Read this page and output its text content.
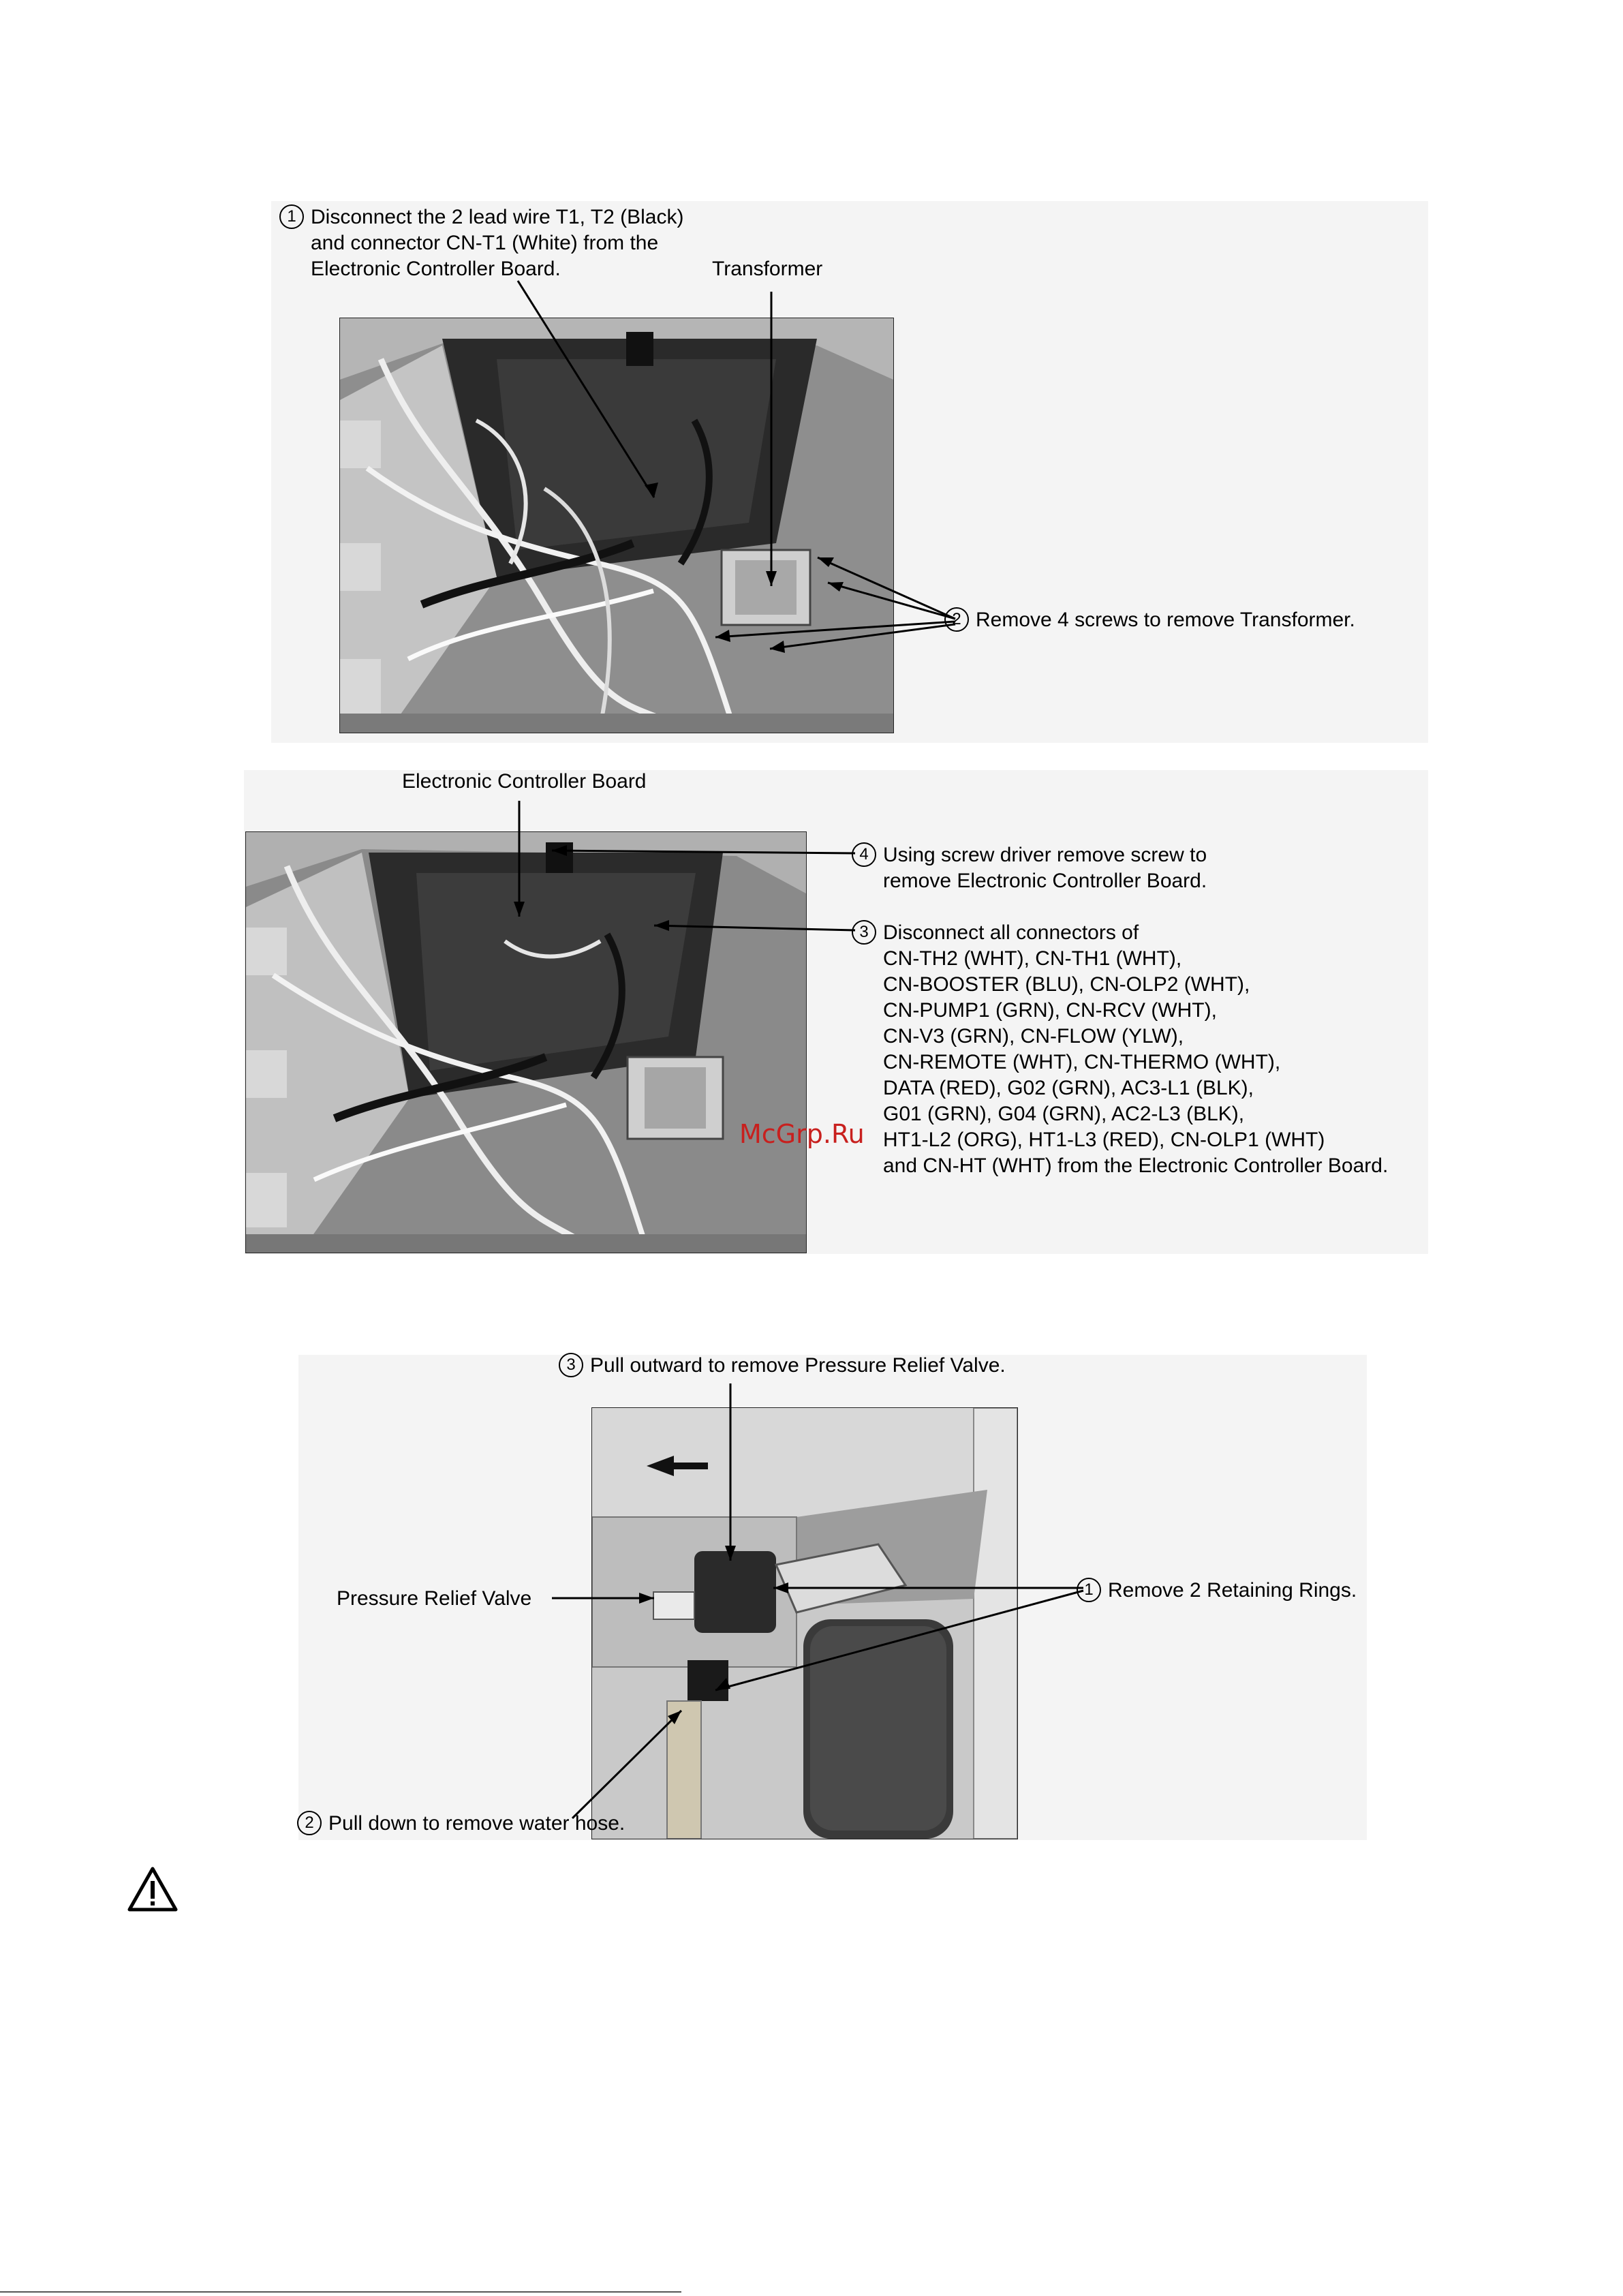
1 Disconnect the 2 lead wire T1, T2 (Black)
and connector CN-T1 (White) from the
Electronic Controller Board.	Transformer
2 Remove 4 screws to remove Transformer.
Electronic Controller Board
4 Using screw driver remove screw to
remove Electronic Controller Board.
3 Disconnect all connectors of
CN-TH2 (WHT), CN-TH1 (WHT),
CN-BOOSTER (BLU), CN-OLP2 (WHT),
CN-PUMP1 (GRN), CN-RCV (WHT),
CN-V3 (GRN), CN-FLOW (YLW),
CN-REMOTE (WHT), CN-THERMO (WHT),
DATA (RED), G02 (GRN), AC3-L1 (BLK),
G01 (GRN), G04 (GRN), AC2-L3 (BLK),
HT1-L2 (ORG), HT1-L3 (RED), CN-OLP1 (WHT)
and CN-HT (WHT) from the Electronic Controller Board.
McGrp.Ru
3 Pull outward to remove Pressure Relief Valve.
Pressure Relief Valve	1 Remove 2 Retaining Rings.
2 Pull down to remove water hose.
